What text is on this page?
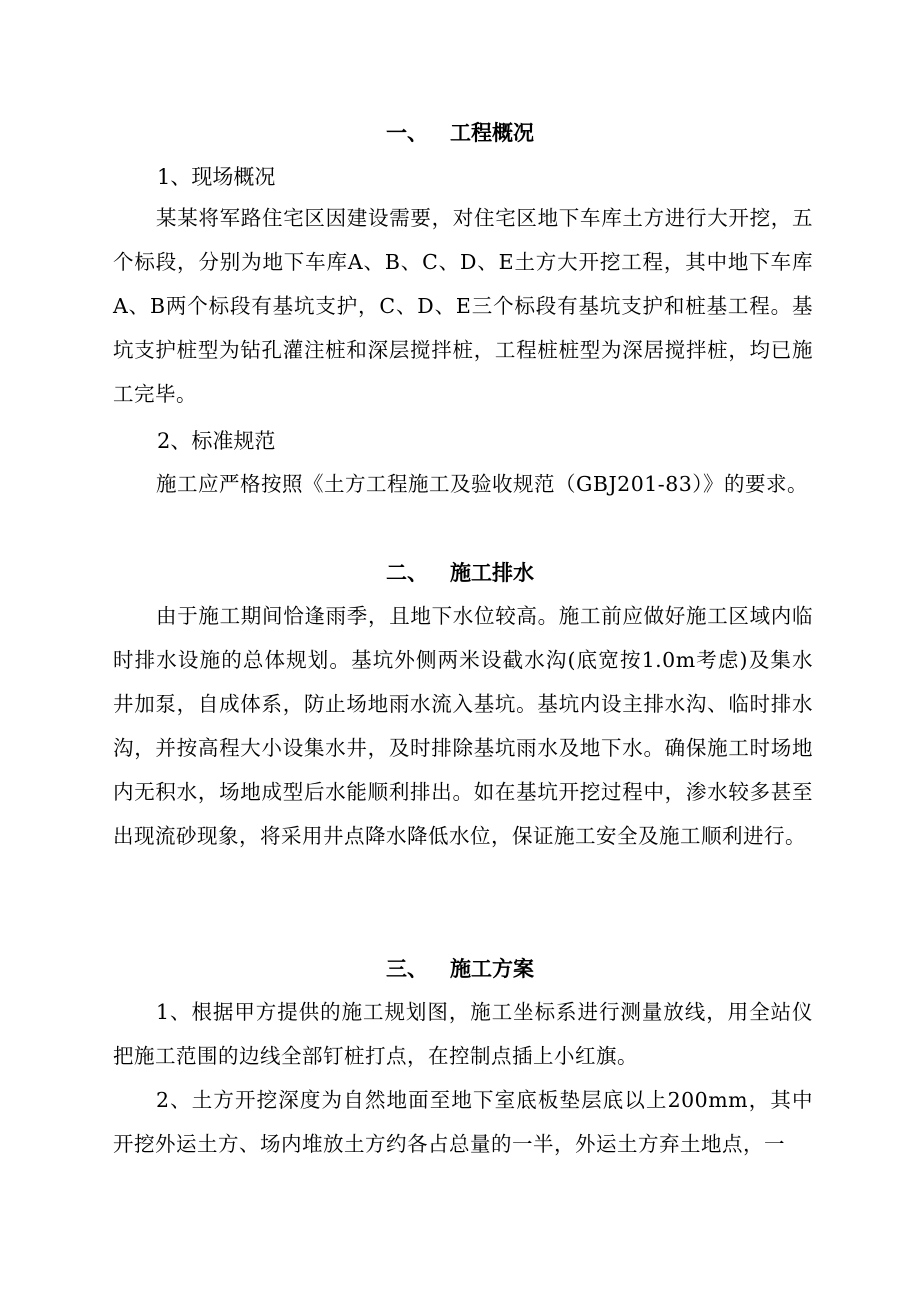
一、 工程概况
1、现场概况

某某将军路住宅区因建设需要，对住宅区地下车库土方进行大开挖，五个标段，分别为地下车库A、B、C、D、E土方大开挖工程，其中地下车库A、B两个标段有基坑支护，C、D、E三个标段有基坑支护和桩基工程。基坑支护桩型为钻孔灌注桩和深层搅拌桩，工程桩桩型为深居搅拌桩，均已施工完毕。

2、标准规范

施工应严格按照《土方工程施工及验收规范（GBJ201-83）》的要求。

二、 施工排水

由于施工期间恰逢雨季，且地下水位较高。施工前应做好施工区域内临时排水设施的总体规划。基坑外侧两米设截水沟(底宽按1.0m考虑)及集水井加泵，自成体系，防止场地雨水流入基坑。基坑内设主排水沟、临时排水沟，并按高程大小设集水井，及时排除基坑雨水及地下水。确保施工时场地内无积水，场地成型后水能顺利排出。如在基坑开挖过程中，渗水较多甚至出现流砂现象，将采用井点降水降低水位，保证施工安全及施工顺利进行。

三、 施工方案

1、根据甲方提供的施工规划图，施工坐标系进行测量放线，用全站仪把施工范围的边线全部钉桩打点，在控制点插上小红旗。

2、土方开挖深度为自然地面至地下室底板垫层底以上200mm，其中开挖外运土方、场内堆放土方约各占总量的一半，外运土方弃土地点，一
